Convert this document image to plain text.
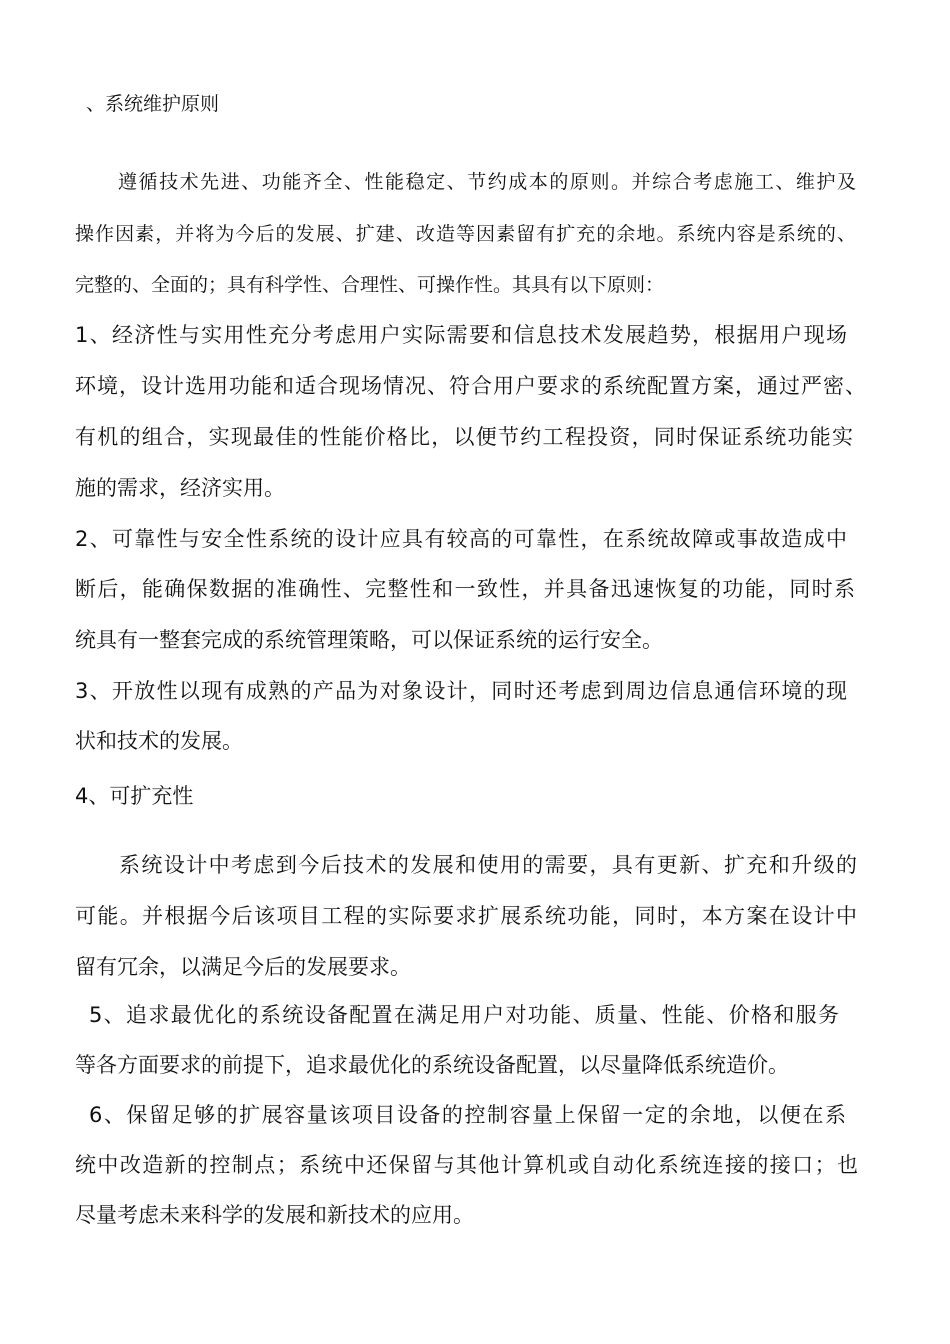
、系统维护原则

遵循技术先进、功能齐全、性能稳定、节约成本的原则。并综合考虑施工、维护及

操作因素，并将为今后的发展、扩建、改造等因素留有扩充的余地。系统内容是系统的、

完整的、全面的；具有科学性、合理性、可操作性。其具有以下原则：

1、经济性与实用性充分考虑用户实际需要和信息技术发展趋势，根据用户现场

环境，设计选用功能和适合现场情况、符合用户要求的系统配置方案，通过严密、

有机的组合，实现最佳的性能价格比，以便节约工程投资，同时保证系统功能实

施的需求，经济实用。

2、可靠性与安全性系统的设计应具有较高的可靠性，在系统故障或事故造成中

断后，能确保数据的准确性、完整性和一致性，并具备迅速恢复的功能，同时系

统具有一整套完成的系统管理策略，可以保证系统的运行安全。

3、开放性以现有成熟的产品为对象设计，同时还考虑到周边信息通信环境的现

状和技术的发展。

4、可扩充性

系统设计中考虑到今后技术的发展和使用的需要，具有更新、扩充和升级的

可能。并根据今后该项目工程的实际要求扩展系统功能，同时，本方案在设计中

留有冗余，以满足今后的发展要求。

5、追求最优化的系统设备配置在满足用户对功能、质量、性能、价格和服务

等各方面要求的前提下，追求最优化的系统设备配置，以尽量降低系统造价。

6、保留足够的扩展容量该项目设备的控制容量上保留一定的余地，以便在系

统中改造新的控制点；系统中还保留与其他计算机或自动化系统连接的接口；也

尽量考虑未来科学的发展和新技术的应用。
